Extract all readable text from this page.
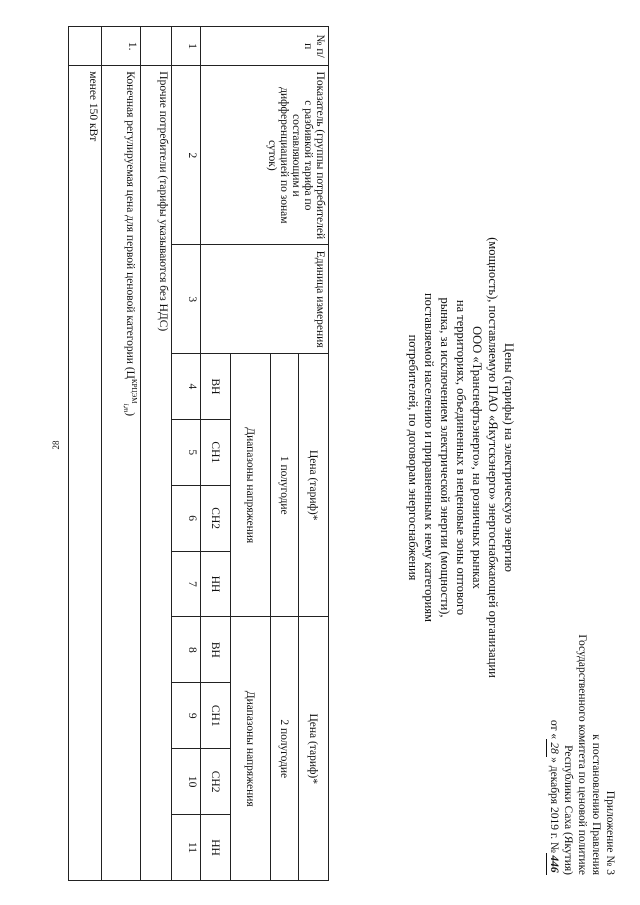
28
Приложение № 3
к постановлению Правления
Государственного комитета по ценовой политике
Республики Саха (Якутия)
от «28» декабря 2019 г. №446
Цены (тарифы) на электрическую энергию
(мощность), поставляемую ПАО «Якутскэнерго» энергоснабжающей организации
ООО «Транснефтьэнерго», на розничных рынках
на территориях, объединенных в неценовые зоны оптового
рынка, за исключением электрической энергии (мощности),
поставляемой населению и приравненным к нему категориям
потребителей, по договорам энергоснабжения
№ п/п	Показатель (группы потребителей с разбивкой тарифа по составляющим и дифференциацией по зонам суток)	Единица измерения	Цена (тариф)*				Цена (тариф)*			
			1 полугодие				2 полугодие			
			Диапазоны напряжения				Диапазоны напряжения			
			ВН	СН1	СН2	НН	ВН	СН1	СН2	НН
1	2	3	4	5	6	7	8	9	10	11
	Прочие потребители (тарифы указываются без НДС)									
1.	Конечная регулируемая цена для первой ценовой категории $(Ц^{КРЦЭМ}_{i,m})$									
	менее 150 кВт									
